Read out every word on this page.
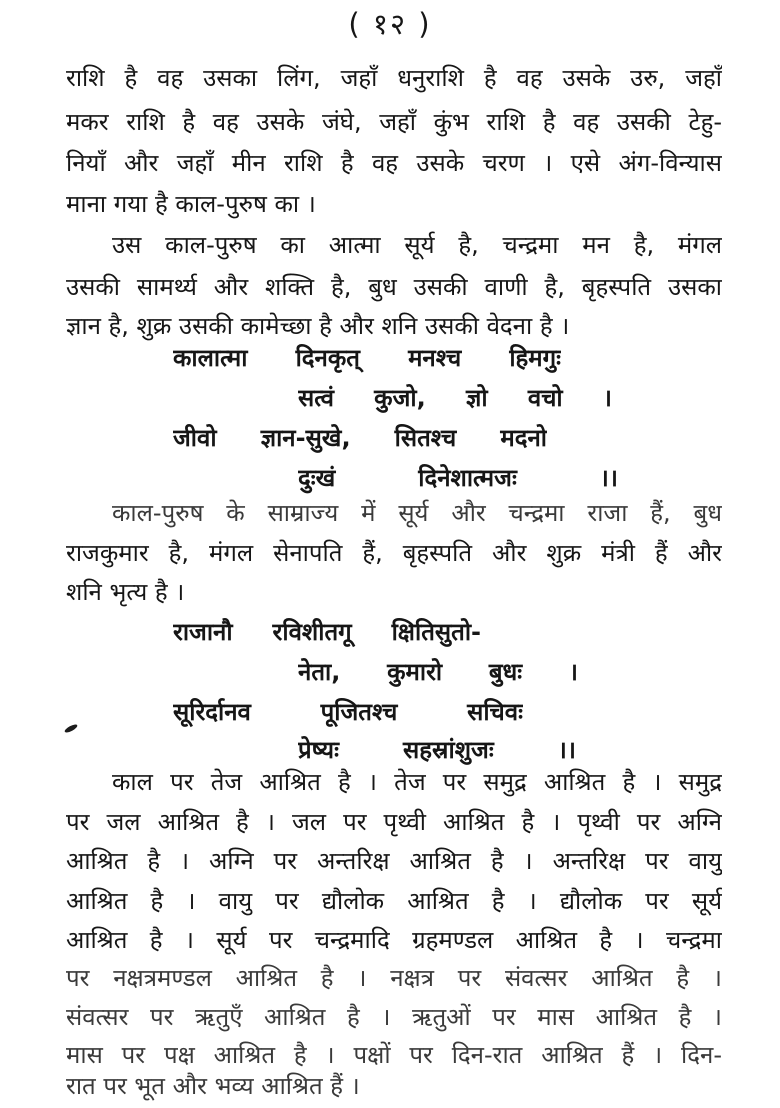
( १२ )
राशि है वह उसका लिंग, जहाँ धनुराशि है वह उसके उरु, जहाँ
मकर राशि है वह उसके जंघे, जहाँ कुंभ राशि है वह उसकी टेहु-
नियाँ और जहाँ मीन राशि है वह उसके चरण । एसे अंग-विन्यास
माना गया है काल-पुरुष का ।
उस काल-पुरुष का आत्मा सूर्य है, चन्द्रमा मन है, मंगल
उसकी सामर्थ्य और शक्ति है, बुध उसकी वाणी है, बृहस्पति उसका
ज्ञान है, शुक्र उसकी कामेच्छा है और शनि उसकी वेदना है ।
कालात्मा दिनकृत् मनश्च हिमगुः
सत्वं कुजो, ज्ञो वचो ।
जीवो ज्ञान-सुखे, सितश्च मदनो
दुःखं दिनेशात्मजः ।।
काल-पुरुष के साम्राज्य में सूर्य और चन्द्रमा राजा हैं, बुध
राजकुमार है, मंगल सेनापति हैं, बृहस्पति और शुक्र मंत्री हैं और
शनि भृत्य है ।
राजानौ रविशीतगू क्षितिसुतो-
नेता, कुमारो बुधः ।
सूरिर्दानव पूजितश्च सचिवः
प्रेष्यः सहस्रांशुजः ।।
काल पर तेज आश्रित है । तेज पर समुद्र आश्रित है । समुद्र
पर जल आश्रित है । जल पर पृथ्वी आश्रित है । पृथ्वी पर अग्नि
आश्रित है । अग्नि पर अन्तरिक्ष आश्रित है । अन्तरिक्ष पर वायु
आश्रित है । वायु पर द्यौलोक आश्रित है । द्यौलोक पर सूर्य
आश्रित है । सूर्य पर चन्द्रमादि ग्रहमण्डल आश्रित है । चन्द्रमा
पर नक्षत्रमण्डल आश्रित है । नक्षत्र पर संवत्सर आश्रित है ।
संवत्सर पर ऋतुएँ आश्रित है । ऋतुओं पर मास आश्रित है ।
मास पर पक्ष आश्रित है । पक्षों पर दिन-रात आश्रित हैं । दिन-
रात पर भूत और भव्य आश्रित हैं ।
